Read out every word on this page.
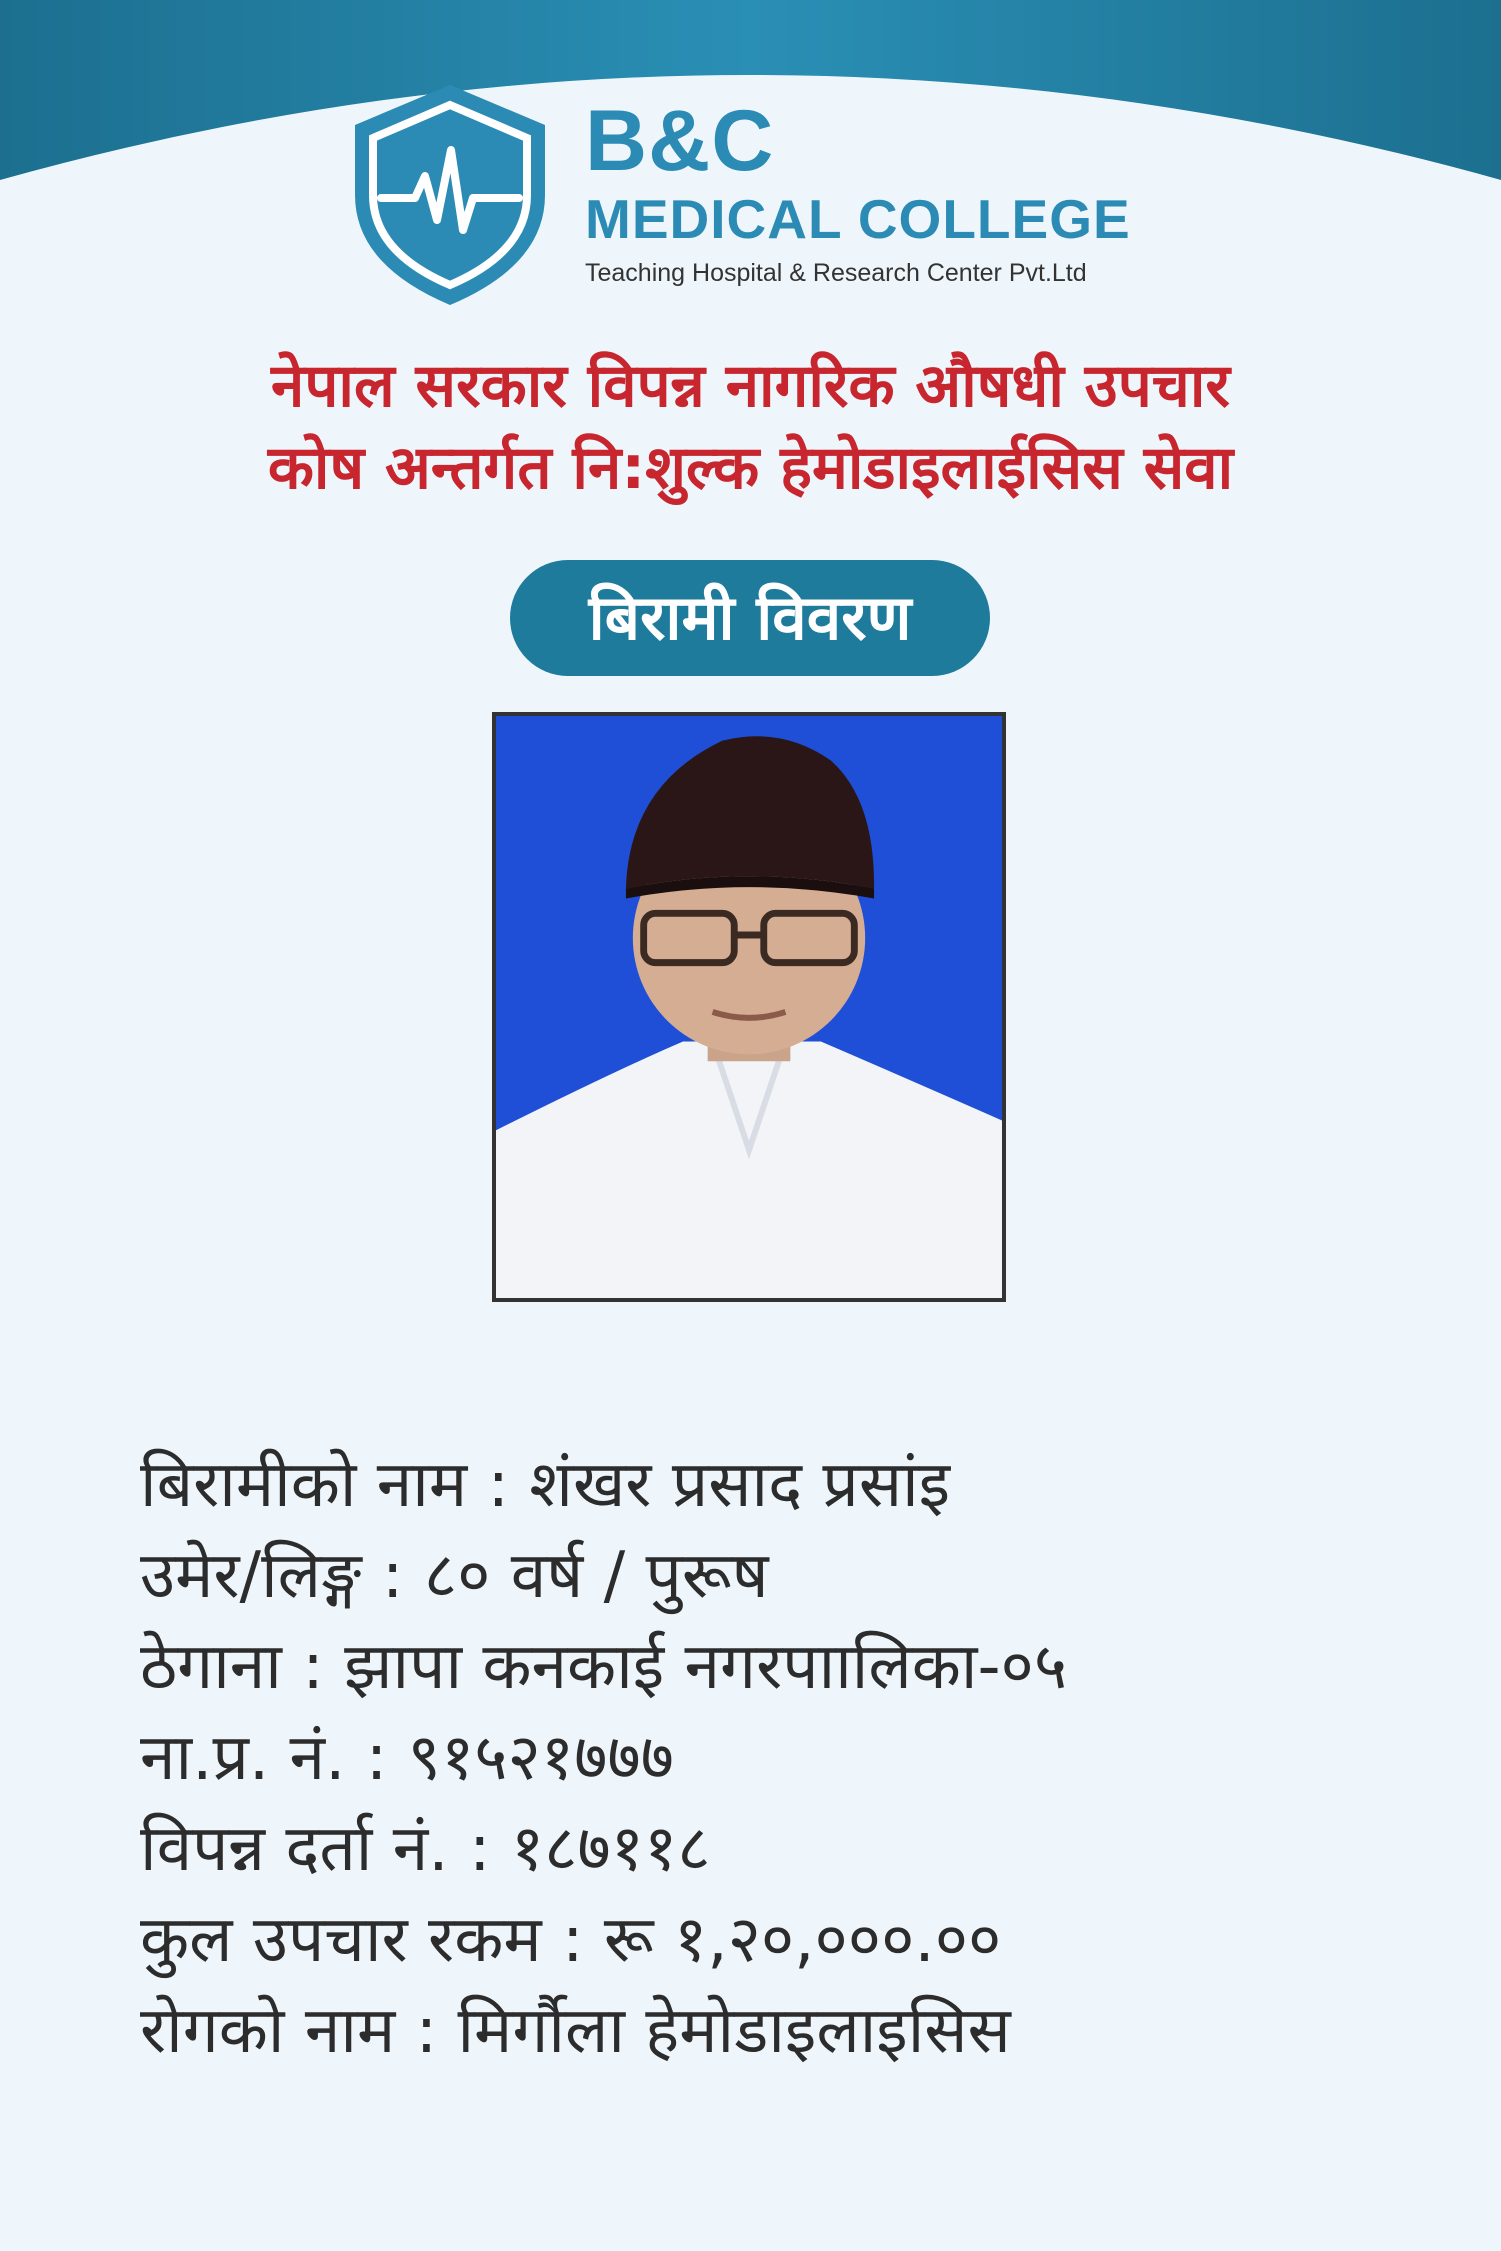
B&C
MEDICAL COLLEGE
Teaching Hospital & Research Center Pvt.Ltd
नेपाल सरकार विपन्न नागरिक औषधी उपचार
कोष अन्तर्गत नि:शुल्क हेमोडाइलाईसिस सेवा
बिरामी विवरण
बिरामीको नाम : शंखर प्रसाद प्रसांइ
उमेर/लिङ्ग : ८० वर्ष / पुरूष
ठेगाना : झापा कनकाई नगरपाालिका-०५
ना.प्र. नं. : ९१५२१७७७
विपन्न दर्ता नं. : १८७११८
कुल उपचार रकम : रू १,२०,०००.००
रोगको नाम : मिर्गौला हेमोडाइलाइसिस
